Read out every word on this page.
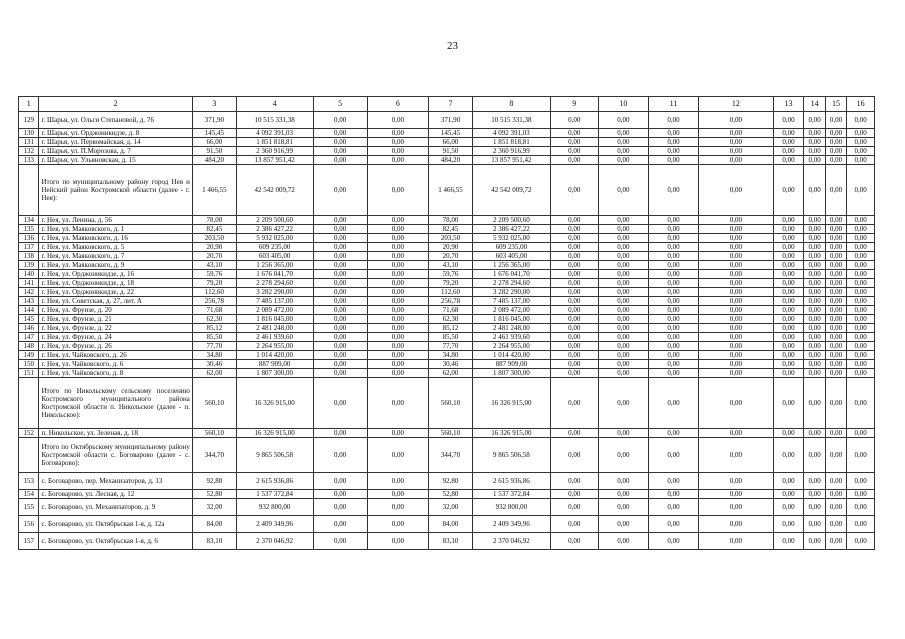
23
1	2	3	4	5	6	7	8	9	10	11	12	13	14	15	16
129	г. Шарья, ул. Ольги Степановой, д. 76	371,90	10 515 331,38	0,00	0,00	371,90	10 515 331,38	0,00	0,00	0,00	0,00	0,00	0,00	0,00	0,00
130	г. Шарья, ул. Орджоникидзе, д. 8	145,45	4 092 391,03	0,00	0,00	145,45	4 092 391,03	0,00	0,00	0,00	0,00	0,00	0,00	0,00	0,00
131	г. Шарья, ул. Первомайская, д. 14	66,00	1 851 818,81	0,00	0,00	66,00	1 851 818,81	0,00	0,00	0,00	0,00	0,00	0,00	0,00	0,00
132	г. Шарья, ул. П.Морозова, д. 7	91,50	2 360 916,99	0,00	0,00	91,50	2 360 916,99	0,00	0,00	0,00	0,00	0,00	0,00	0,00	0,00
133	г. Шарья, ул. Ульяновская, д. 15	484,20	13 857 951,42	0,00	0,00	484,20	13 857 951,42	0,00	0,00	0,00	0,00	0,00	0,00	0,00	0,00
	Итого по муниципальному району город Нея и Нейский район Костромской области (далее - г. Нея):	1 466,55	42 542 009,72	0,00	0,00	1 466,55	42 542 009,72	0,00	0,00	0,00	0,00	0,00	0,00	0,00	0,00
134	г. Нея, ул. Ленина, д. 56	78,00	2 209 500,60	0,00	0,00	78,00	2 209 500,60	0,00	0,00	0,00	0,00	0,00	0,00	0,00	0,00
135	г. Нея, ул. Маяковского, д. 1	82,45	2 386 427,22	0,00	0,00	82,45	2 386 427,22	0,00	0,00	0,00	0,00	0,00	0,00	0,00	0,00
136	г. Нея, ул. Маяковского, д. 16	203,50	5 932 025,00	0,00	0,00	203,50	5 932 025,00	0,00	0,00	0,00	0,00	0,00	0,00	0,00	0,00
137	г. Нея, ул. Маяковского, д. 5	20,90	609 235,00	0,00	0,00	20,90	609 235,00	0,00	0,00	0,00	0,00	0,00	0,00	0,00	0,00
138	г. Нея, ул. Маяковского, д. 7	20,70	603 405,00	0,00	0,00	20,70	603 405,00	0,00	0,00	0,00	0,00	0,00	0,00	0,00	0,00
139	г. Нея, ул. Маяковского, д. 9	43,10	1 256 365,00	0,00	0,00	43,10	1 256 365,00	0,00	0,00	0,00	0,00	0,00	0,00	0,00	0,00
140	г. Нея, ул. Орджоникидзе, д. 16	59,76	1 676 041,70	0,00	0,00	59,76	1 676 041,70	0,00	0,00	0,00	0,00	0,00	0,00	0,00	0,00
141	г. Нея, ул. Орджоникидзе, д. 18	79,20	2 278 294,60	0,00	0,00	79,20	2 278 294,60	0,00	0,00	0,00	0,00	0,00	0,00	0,00	0,00
142	г. Нея, ул. Орджоникидзе, д. 22	112,60	3 282 290,00	0,00	0,00	112,60	3 282 290,00	0,00	0,00	0,00	0,00	0,00	0,00	0,00	0,00
143	г. Нея, ул. Советская, д. 27, лит. А	256,78	7 485 137,00	0,00	0,00	256,78	7 485 137,00	0,00	0,00	0,00	0,00	0,00	0,00	0,00	0,00
144	г. Нея, ул. Фрунзе, д. 20	71,68	2 089 472,00	0,00	0,00	71,68	2 089 472,00	0,00	0,00	0,00	0,00	0,00	0,00	0,00	0,00
145	г. Нея, ул. Фрунзе, д. 21	62,30	1 816 045,00	0,00	0,00	62,30	1 816 045,00	0,00	0,00	0,00	0,00	0,00	0,00	0,00	0,00
146	г. Нея, ул. Фрунзе, д. 22	85,12	2 481 248,00	0,00	0,00	85,12	2 481 248,00	0,00	0,00	0,00	0,00	0,00	0,00	0,00	0,00
147	г. Нея, ул. Фрунзе, д. 24	85,50	2 461 939,60	0,00	0,00	85,50	2 461 939,60	0,00	0,00	0,00	0,00	0,00	0,00	0,00	0,00
148	г. Нея, ул. Фрунзе, д. 26	77,70	2 264 955,00	0,00	0,00	77,70	2 264 955,00	0,00	0,00	0,00	0,00	0,00	0,00	0,00	0,00
149	г. Нея, ул. Чайковского, д. 26	34,80	1 014 420,00	0,00	0,00	34,80	1 014 420,00	0,00	0,00	0,00	0,00	0,00	0,00	0,00	0,00
150	г. Нея, ул. Чайковского, д. 6	30,46	887 909,00	0,00	0,00	30,46	887 909,00	0,00	0,00	0,00	0,00	0,00	0,00	0,00	0,00
151	г. Нея, ул. Чайковского, д. 8	62,00	1 807 300,00	0,00	0,00	62,00	1 807 300,00	0,00	0,00	0,00	0,00	0,00	0,00	0,00	0,00
	Итого по Никольскому сельскому поселению Костромского муниципального района Костромской области п. Никольское (далее - п. Никольское):	560,10	16 326 915,00	0,00	0,00	560,10	16 326 915,00	0,00	0,00	0,00	0,00	0,00	0,00	0,00	0,00
152	п. Никольское, ул. Зеленая, д. 18	560,10	16 326 915,00	0,00	0,00	560,10	16 326 915,00	0,00	0,00	0,00	0,00	0,00	0,00	0,00	0,00
	Итого по Октябрьскому муниципальному району Костромской области с. Боговарово (далее - с. Боговарово):	344,70	9 865 506,58	0,00	0,00	344,70	9 865 506,58	0,00	0,00	0,00	0,00	0,00	0,00	0,00	0,00
153	с. Боговарово, пер. Механизаторов, д. 13	92,80	2 615 936,86	0,00	0,00	92,80	2 615 936,86	0,00	0,00	0,00	0,00	0,00	0,00	0,00	0,00
154	с. Боговарово, ул. Лесная, д. 12	52,80	1 537 372,84	0,00	0,00	52,80	1 537 372,84	0,00	0,00	0,00	0,00	0,00	0,00	0,00	0,00
155	с. Боговарово, ул. Механизаторов, д. 9	32,00	932 800,00	0,00	0,00	32,00	932 800,00	0,00	0,00	0,00	0,00	0,00	0,00	0,00	0,00
156	с. Боговарово, ул. Октябрьская 1-я, д. 12а	84,00	2 409 349,96	0,00	0,00	84,00	2 409 349,96	0,00	0,00	0,00	0,00	0,00	0,00	0,00	0,00
157	с. Боговарово, ул. Октябрьская 1-я, д. 6	83,10	2 370 046,92	0,00	0,00	83,10	2 370 046,92	0,00	0,00	0,00	0,00	0,00	0,00	0,00	0,00
